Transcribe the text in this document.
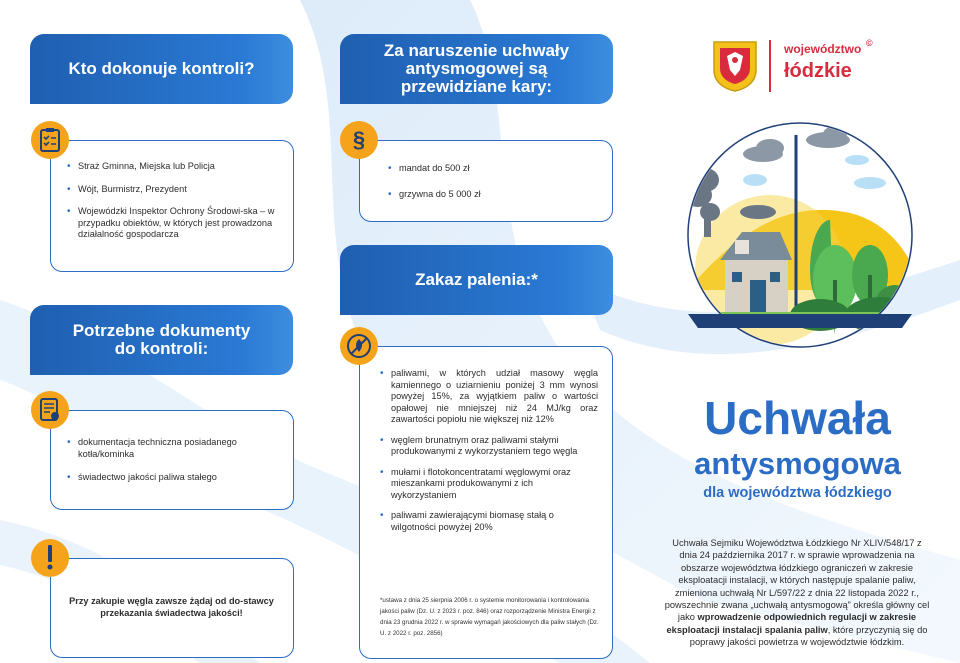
Kto dokonuje kontroli?
• Straż Gminna, Miejska lub Policja
• Wójt, Burmistrz, Prezydent
• Wojewódzki Inspektor Ochrony Środowi-ska – w przypadku obiektów, w których jest prowadzona działalność gospodarcza
Potrzebne dokumenty do kontroli:
• dokumentacja techniczna posiadanego kotła/kominka
• świadectwo jakości paliwa stałego

Przy zakupie węgla zawsze żądaj od do-stawcy przekazania świadectwa jakości!

Za naruszenie uchwały antysmogowej są przewidziane kary:
• mandat do 500 zł
• grzywna do 5 000 zł
§
Zakaz palenia:*
• paliwami, w których udział masowy węgla kamiennego o uziarnieniu poniżej 3 mm wynosi powyżej 15%, za wyjątkiem paliw o wartości opałowej nie mniejszej niż 24 MJ/kg oraz zawartości popiołu nie większej niż 12%
• węglem brunatnym oraz paliwami stałymi produkowanymi z wykorzystaniem tego węgla
• mułami i flotokoncentratami węglowymi oraz mieszankami produkowanymi z ich wykorzystaniem
• paliwami zawierającymi biomasę stałą o wilgotności powyżej 20%

*ustawa z dnia 25 sierpnia 2006 r. o systemie monitorowania i kontrolowania jakości paliw (Dz. U. z 2023 r. poz. 846) oraz rozporządzenie Ministra Energii z dnia 23 grudnia 2022 r. w sprawie wymagań jakościowych dla paliw stałych (Dz. U. z 2022 r. poz. 2856)

województwo ©
łódzkie
Uchwała
antysmogowa
dla województwa łódzkiego

Uchwała Sejmiku Województwa Łódzkiego Nr XLIV/548/17 z dnia 24 października 2017 r. w sprawie wprowadzenia na obszarze województwa łódzkiego ograniczeń w zakresie eksploatacji instalacji, w których następuje spalanie paliw, zmieniona uchwałą Nr L/597/22 z dnia 22 listopada 2022 r., powszechnie zwana „uchwałą antysmogową” określa główny cel jako wprowadzenie odpowiednich regulacji w zakresie eksploatacji instalacji spalania paliw, które przyczynią się do poprawy jakości powietrza w województwie łódzkim.
